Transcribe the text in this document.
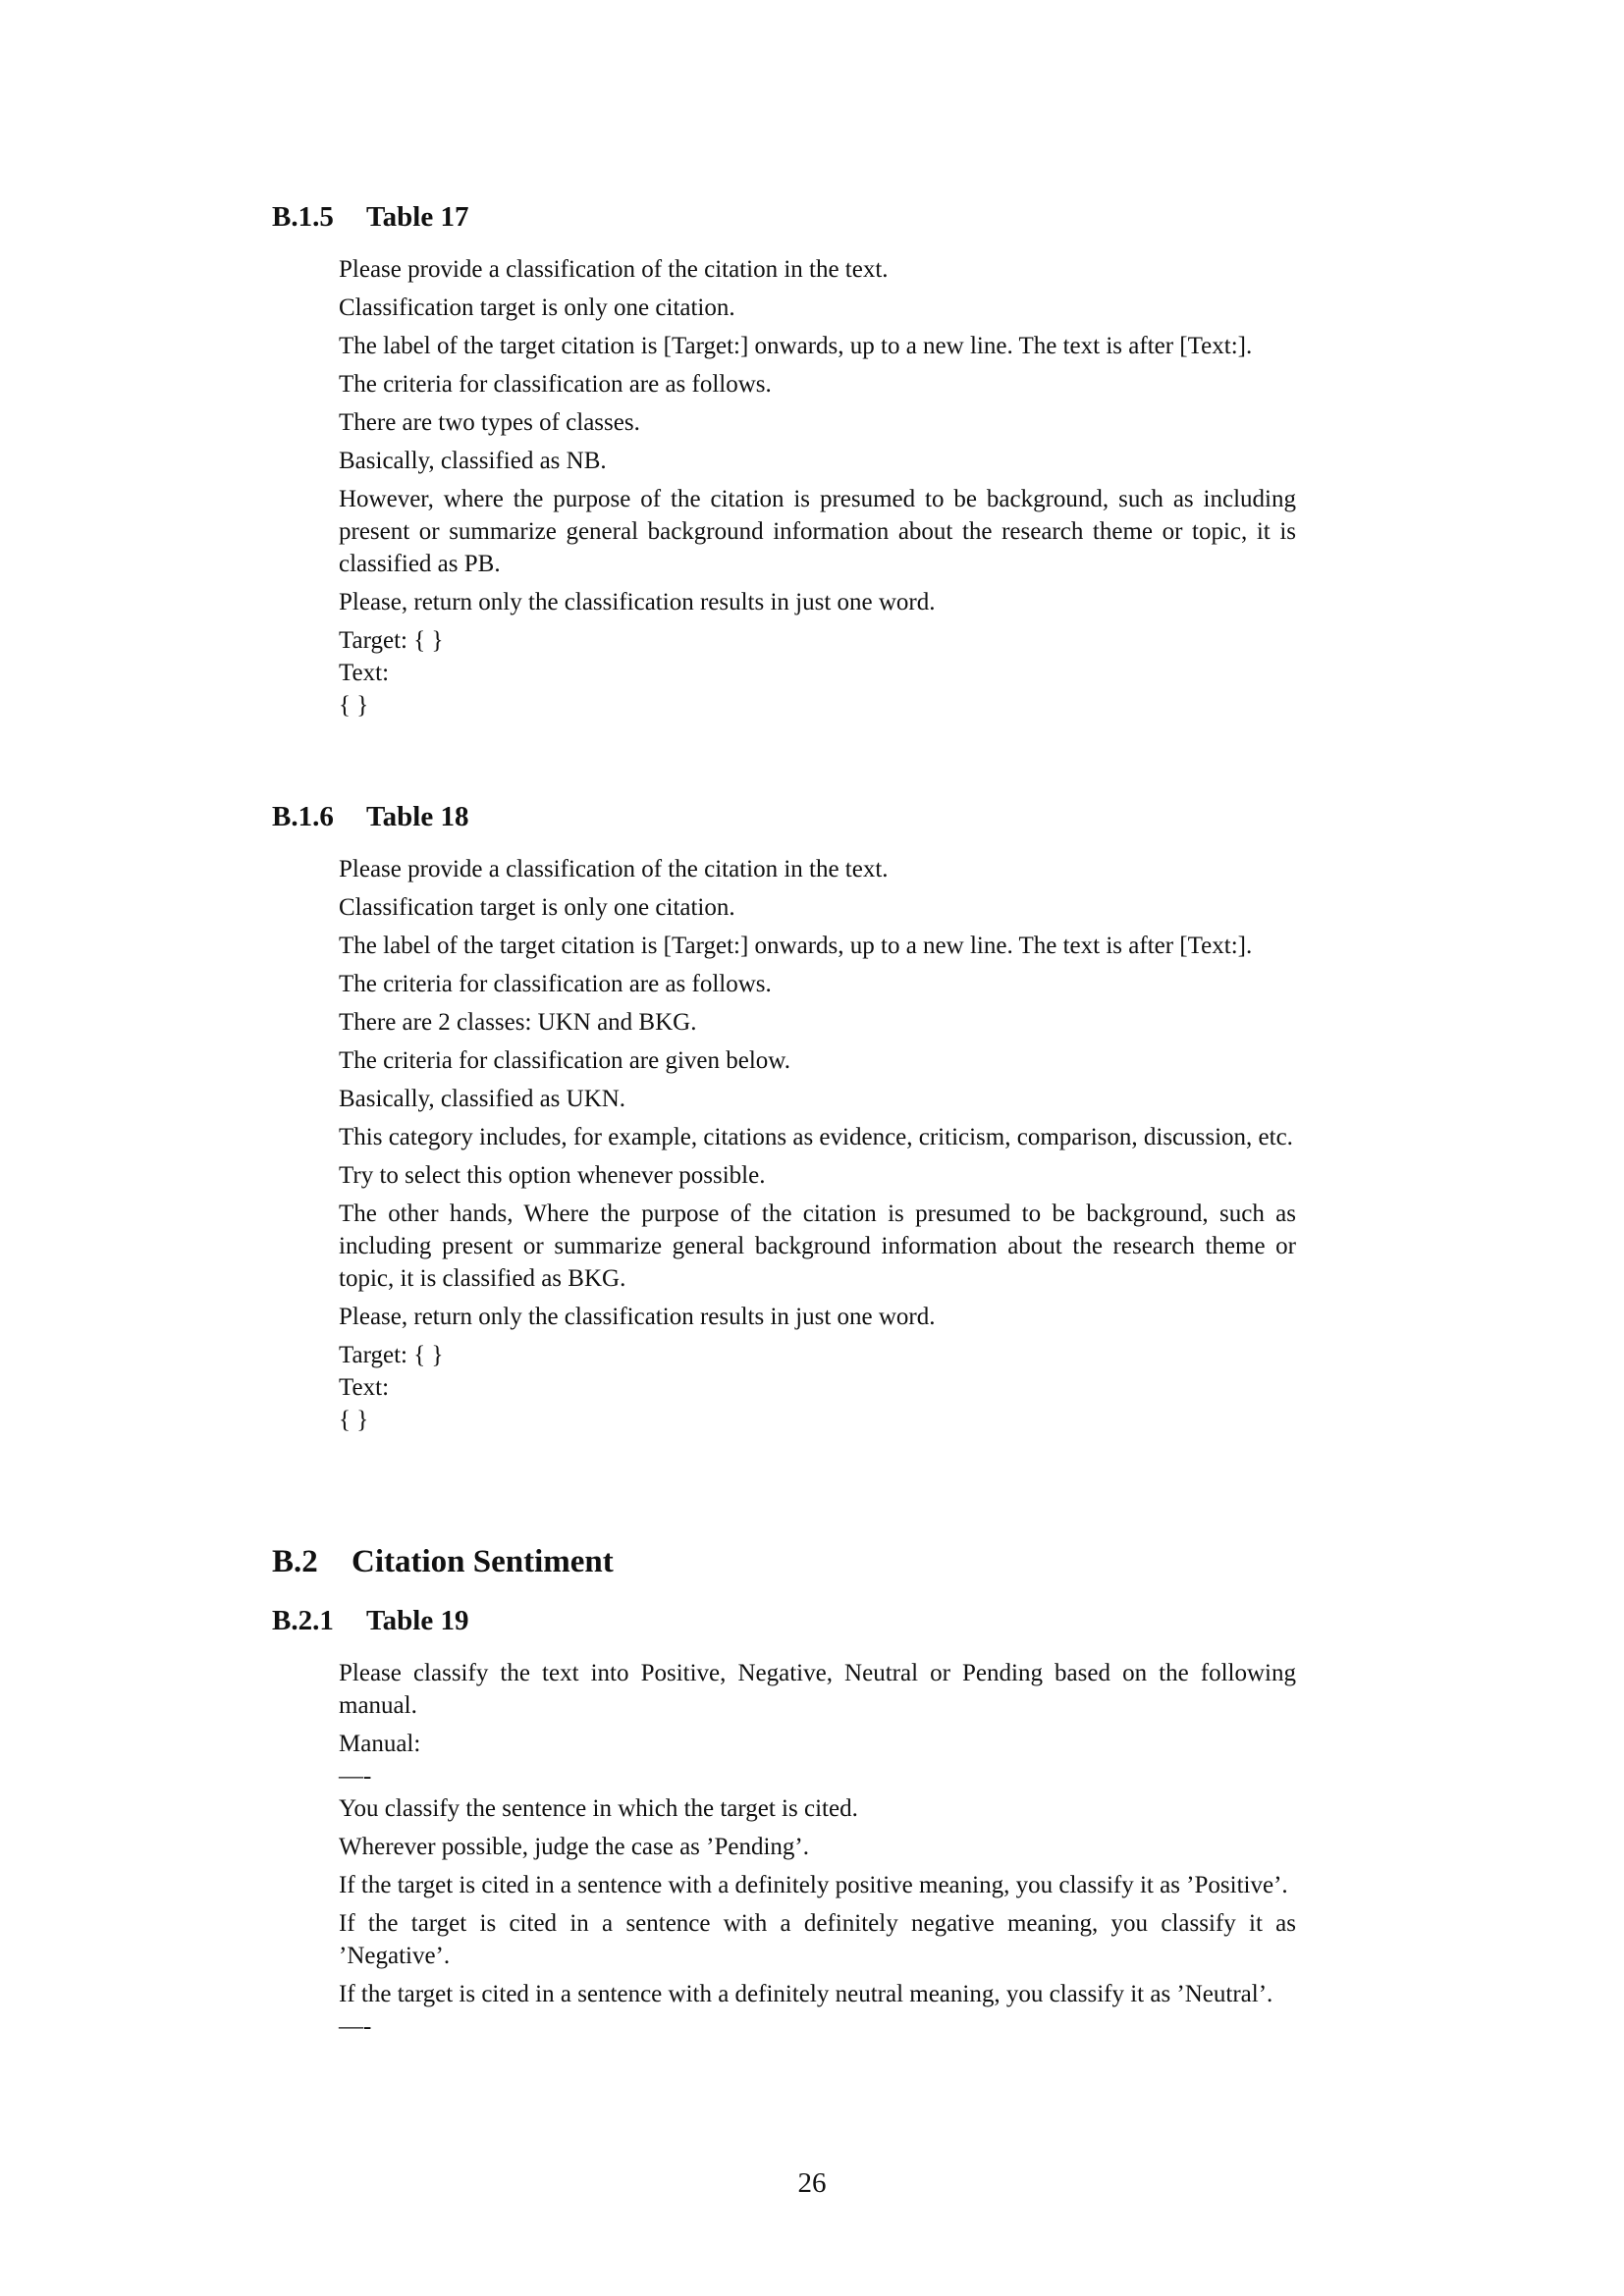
B.1.5 Table 17

Please provide a classification of the citation in the text.

Classification target is only one citation.

The label of the target citation is [Target:] onwards, up to a new line. The text is after [Text:].

The criteria for classification are as follows.

There are two types of classes.

Basically, classified as NB.

However, where the purpose of the citation is presumed to be background, such as including present or summarize general background information about the research theme or topic, it is classified as PB.

Please, return only the classification results in just one word.

Target: { }

Text:

{ }

B.1.6 Table 18

Please provide a classification of the citation in the text.

Classification target is only one citation.

The label of the target citation is [Target:] onwards, up to a new line. The text is after [Text:].

The criteria for classification are as follows.

There are 2 classes: UKN and BKG.

The criteria for classification are given below.

Basically, classified as UKN.

This category includes, for example, citations as evidence, criticism, comparison, discussion, etc.

Try to select this option whenever possible.

The other hands, Where the purpose of the citation is presumed to be background, such as including present or summarize general background information about the research theme or topic, it is classified as BKG.

Please, return only the classification results in just one word.

Target: { }

Text:

{ }

B.2 Citation Sentiment
B.2.1 Table 19

Please classify the text into Positive, Negative, Neutral or Pending based on the following manual.

Manual:

—-

You classify the sentence in which the target is cited.

Wherever possible, judge the case as ’Pending’.

If the target is cited in a sentence with a definitely positive meaning, you classify it as ’Positive’.

If the target is cited in a sentence with a definitely negative meaning, you classify it as ’Negative’.

If the target is cited in a sentence with a definitely neutral meaning, you classify it as ’Neutral’.

—-

26
